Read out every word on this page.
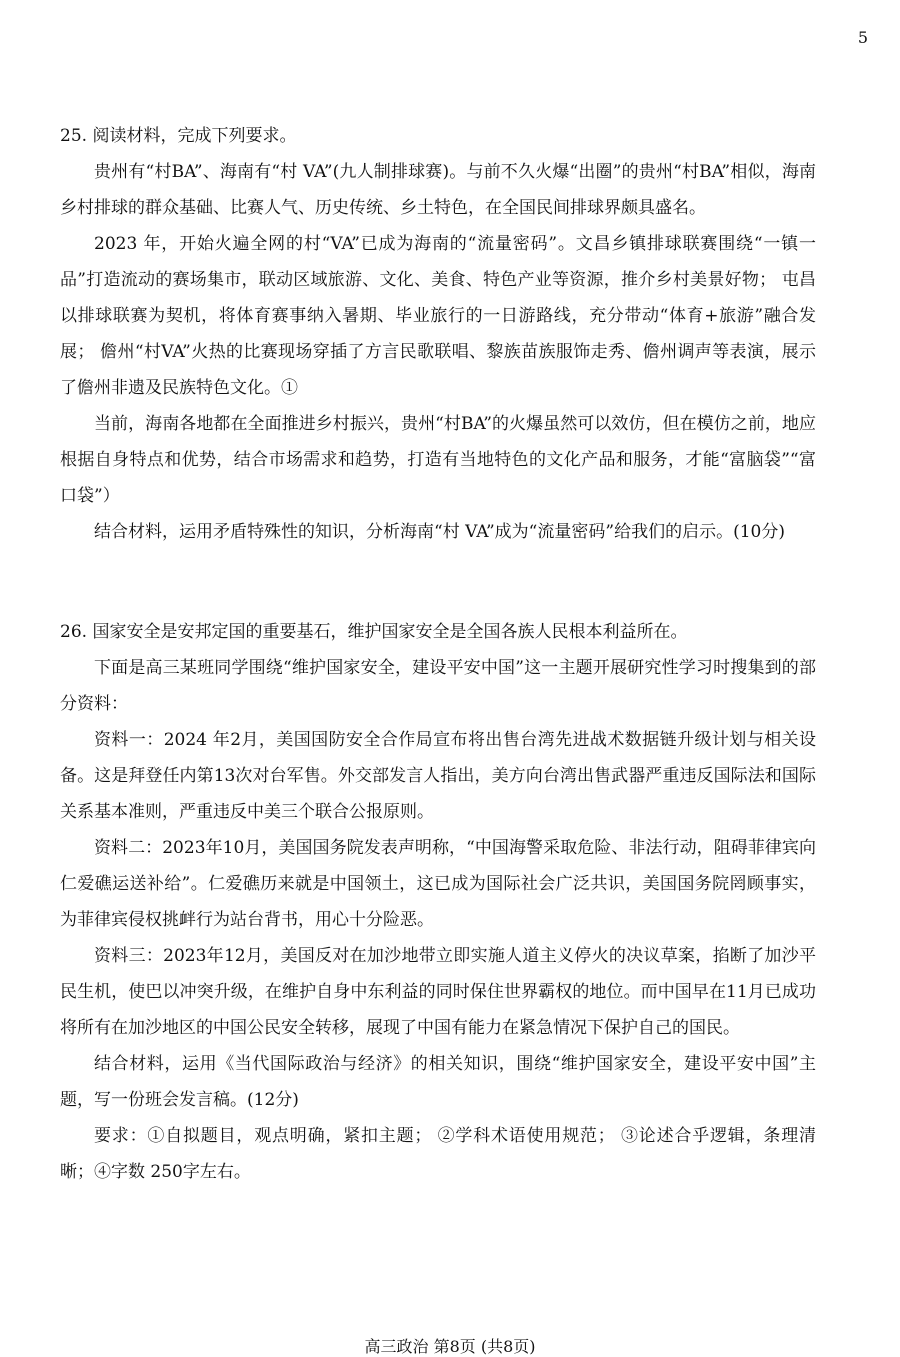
5

25. 阅读材料，完成下列要求。

贵州有“村BA”、海南有“村 VA”(九人制排球赛)。与前不久火爆“出圈”的贵州“村BA”相似，海南乡村排球的群众基础、比赛人气、历史传统、乡土特色，在全国民间排球界颇具盛名。

2023 年，开始火遍全网的村“VA”已成为海南的“流量密码”。文昌乡镇排球联赛围绕“一镇一品”打造流动的赛场集市，联动区域旅游、文化、美食、特色产业等资源，推介乡村美景好物； 屯昌以排球联赛为契机，将体育赛事纳入暑期、毕业旅行的一日游路线，充分带动“体育+旅游”融合发展； 儋州“村VA”火热的比赛现场穿插了方言民歌联唱、黎族苗族服饰走秀、儋州调声等表演，展示了儋州非遗及民族特色文化。①

当前，海南各地都在全面推进乡村振兴，贵州“村BA”的火爆虽然可以效仿，但在模仿之前，地应根据自身特点和优势，结合市场需求和趋势，打造有当地特色的文化产品和服务，才能“富脑袋”“富口袋”）

结合材料，运用矛盾特殊性的知识，分析海南“村 VA”成为“流量密码”给我们的启示。(10分)

26. 国家安全是安邦定国的重要基石，维护国家安全是全国各族人民根本利益所在。

下面是高三某班同学围绕“维护国家安全，建设平安中国”这一主题开展研究性学习时搜集到的部分资料：

资料一：2024 年2月，美国国防安全合作局宣布将出售台湾先进战术数据链升级计划与相关设备。这是拜登任内第13次对台军售。外交部发言人指出，美方向台湾出售武器严重违反国际法和国际关系基本准则，严重违反中美三个联合公报原则。

资料二：2023年10月，美国国务院发表声明称，“中国海警采取危险、非法行动，阻碍菲律宾向仁爱礁运送补给”。仁爱礁历来就是中国领土，这已成为国际社会广泛共识，美国国务院罔顾事实，为菲律宾侵权挑衅行为站台背书，用心十分险恶。

资料三：2023年12月，美国反对在加沙地带立即实施人道主义停火的决议草案，掐断了加沙平民生机，使巴以冲突升级，在维护自身中东利益的同时保住世界霸权的地位。而中国早在11月已成功将所有在加沙地区的中国公民安全转移，展现了中国有能力在紧急情况下保护自己的国民。

结合材料，运用《当代国际政治与经济》的相关知识，围绕“维护国家安全，建设平安中国”主题，写一份班会发言稿。(12分)

要求：①自拟题目，观点明确，紧扣主题； ②学科术语使用规范； ③论述合乎逻辑，条理清晰；④字数 250字左右。

高三政治 第8页 (共8页)
